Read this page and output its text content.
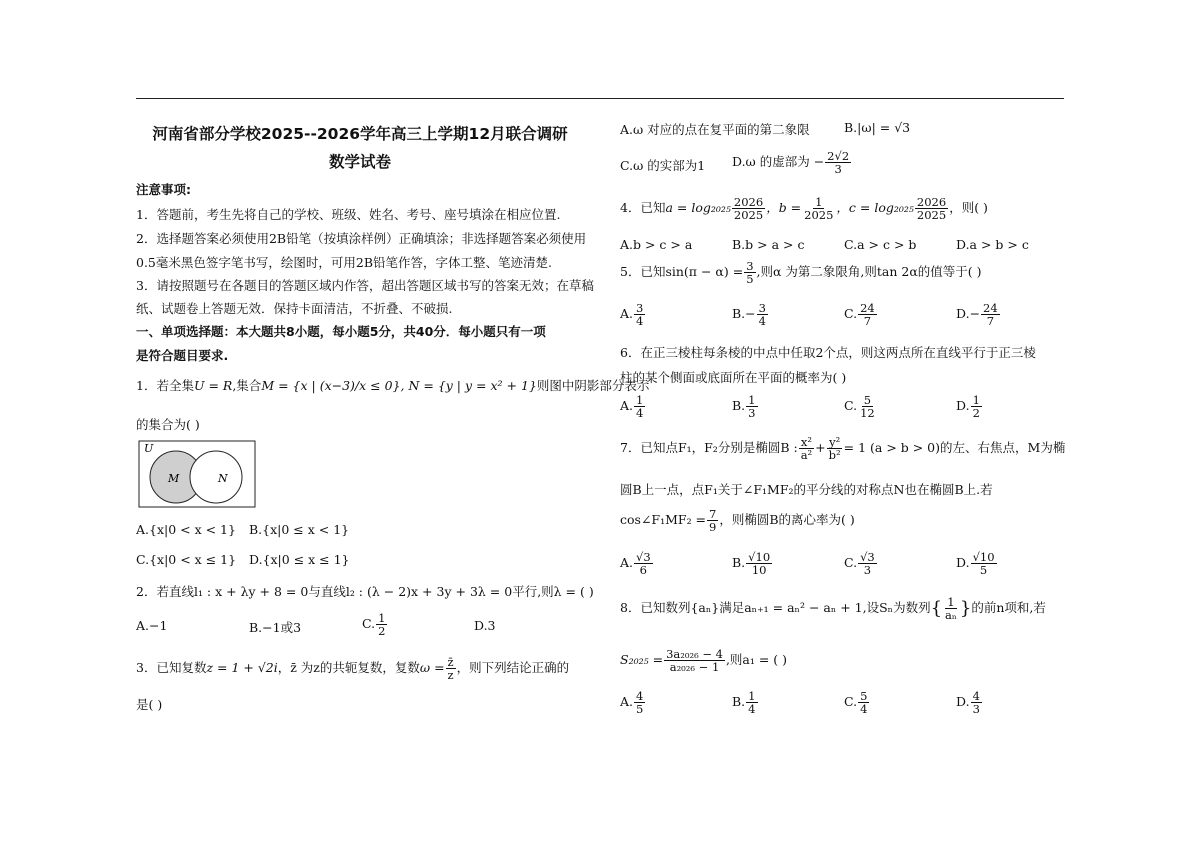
河南省部分学校2025--2026学年高三上学期12月联合调研
数学试卷
注意事项:
1．答题前，考生先将自己的学校、班级、姓名、考号、座号填涂在相应位置.
2．选择题答案必须使用2B铅笔（按填涂样例）正确填涂；非选择题答案必须使用
0.5毫米黑色签字笔书写，绘图时，可用2B铅笔作答，字体工整、笔迹清楚.
3．请按照题号在各题目的答题区域内作答，超出答题区域书写的答案无效；在草稿
纸、试题卷上答题无效．保持卡面清洁，不折叠、不破损.
一、单项选择题：本大题共8小题，每小题5分，共40分．每小题只有一项
是符合题目要求.
1．若全集U = R,集合M = {x | (x−3)/x ≤ 0}, N = {y | y = x² + 1}则图中阴影部分表示
的集合为( )
U
M	N
A.{x|0 < x < 1} B.{x|0 ≤ x < 1}
C.{x|0 < x ≤ 1} D.{x|0 ≤ x ≤ 1}
2．若直线l₁ : x + λy + 8 = 0与直线l₂ : (λ − 2)x + 3y + 3λ = 0平行,则λ = ( )
A.−1	B.−1或3	C. $\frac{1}{2}$	D.3
3．已知复数z = 1 + √2i，z̄ 为z的共轭复数，复数$\omega = \frac{z̄}{z}$ ，则下列结论正确的
是( )
A.ω 对应的点在复平面的第二象限	B.|ω| = √3
C.ω 的实部为1 D.ω 的虚部为 − $\frac{2√2}{3}$
4．已知$a = \log_{2025} \frac{2026}{2025}$ ，$b = \frac{1}{2025}$ ，$c = \log_{2025} \frac{2026}{2025}$ ，则( )
A.b > c > a	B.b > a > c	C.a > c > b	D.a > b > c
5．已知$\sin(\pi - \alpha) = \frac{3}{5}$ ,则α 为第二象限角,则tan 2α的值等于( )
A. $\frac{3}{4}$	$B.- \frac{3}{4}$	C. $\frac{24}{7}$	$D.- \frac{24}{7}$
6．在正三棱柱每条棱的中点中任取2个点，则这两点所在直线平行于正三棱
柱的某个侧面或底面所在平面的概率为( )
A. $\frac{1}{4}$	B. $\frac{1}{3}$	C. $\frac{5}{12}$	D. $\frac{1}{2}$
7．已知点F₁，F₂分别是椭圆B : $\frac{\text{x²}}{\text{a²}} + \frac{\text{y²}}{\text{b²}} = 1$ (a > b > 0)的左、右焦点，M为椭
圆B上一点，点F₁关于∠F₁MF₂的平分线的对称点N也在椭圆B上.若
cos∠F₁MF₂ = $\frac{7}{9}$ ，则椭圆B的离心率为( )
A. $\frac{√3}{6}$	B. $\frac{√10}{10}$	C. $\frac{√3}{3}$	D. $\frac{√10}{5}$
8．已知数列{aₙ}满足aₙ₊₁ = aₙ² − aₙ + 1,设Sₙ为数列{ $\frac{1}{\text{aₙ}}$ }的前n项和,若
$S_{2025} = \frac{\text{3a₂₀₂₆ − 4}}{\text{a₂₀₂₆ − 1}}$ ,则a₁ = ( )
A. $\frac{4}{5}$	B. $\frac{1}{4}$	C. $\frac{5}{4}$	D. $\frac{4}{3}$
